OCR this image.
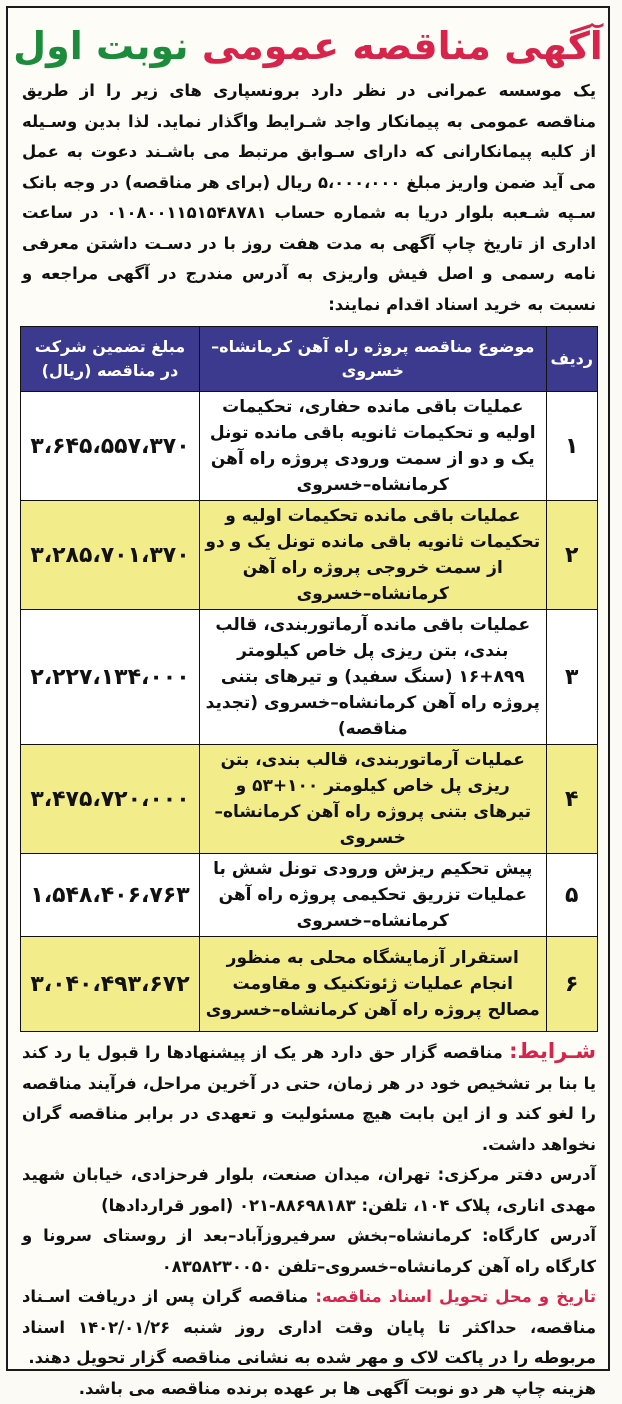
آگهی مناقصه عمومی نوبت اول
یک موسسه عمرانی در نظر دارد برونسپاری های زیر را از طریق مناقصه عمومی به پیمانکار واجد شـرایط واگذار نماید. لذا بدین وسـیله از کلیه پیمانکارانی که دارای سـوابق مرتبط می باشـند دعوت به عمل می آید ضمن واریز مبلغ ۵،۰۰۰،۰۰۰ ریال (برای هر مناقصه) در وجه بانک سـپه شـعبه بلوار دریا به شماره حساب ۰۱۰۸۰۰۱۱۵۱۵۴۸۷۸۱ در ساعت اداری از تاریخ چاپ آگهی به مدت هفت روز با در دسـت داشتن معرفی نامه رسمی و اصل فیش واریزی به آدرس مندرج در آگهی مراجعه و نسبت به خرید اسناد اقدام نمایند:
ردیف	موضوع مناقصه پروژه راه آهن کرمانشاه–خسروی	مبلغ تضمین شرکت در مناقصه (ریال)
۱	عملیات باقی مانده حفاری، تحکیمات اولیه و تحکیمات ثانویه باقی مانده تونل یک و دو از سمت ورودی پروژه راه آهن کرمانشاه–خسروی	۳،۶۴۵،۵۵۷،۳۷۰
۲	عملیات باقی مانده تحکیمات اولیه و تحکیمات ثانویه باقی مانده تونل یک و دو از سمت خروجی پروژه راه آهن کرمانشاه–خسروی	۳،۲۸۵،۷۰۱،۳۷۰
۳	عملیات باقی مانده آرماتوربندی، قالب بندی، بتن ریزی پل خاص کیلومتر ۸۹۹+۱۶ (سنگ سفید) و تیرهای بتنی پروژه راه آهن کرمانشاه–خسروی (تجدید مناقصه)	۲،۲۲۷،۱۳۴،۰۰۰
۴	عملیات آرماتوربندی، قالب بندی، بتن ریزی پل خاص کیلومتر ۱۰۰+۵۳ و تیرهای بتنی پروژه راه آهن کرمانشاه–خسروی	۳،۴۷۵،۷۲۰،۰۰۰
۵	پیش تحکیم ریزش ورودی تونل شش با عملیات تزریق تحکیمی پروژه راه آهن کرمانشاه–خسروی	۱،۵۴۸،۴۰۶،۷۶۳
۶	استقرار آزمایشگاه محلی به منظور انجام عملیات ژئوتکنیک و مقاومت مصالح پروژه راه آهن کرمانشاه–خسروی	۳،۰۴۰،۴۹۳،۶۷۲

شـرایط: مناقصه گزار حق دارد هر یک از پیشنهادها را قبول یا رد کند یا بنا بر تشخیص خود در هر زمان، حتی در آخرین مراحل، فرآیند مناقصه را لغو کند و از این بابت هیچ مسئولیت و تعهدی در برابر مناقصه گران نخواهد داشت.

آدرس دفتر مرکزی: تهران، میدان صنعت، بلوار فرحزادی، خیابان شهید مهدی اناری، پلاک ۱۰۴، تلفن: ۸۸۶۹۸۱۸۳-۰۲۱ (امور قراردادها)

آدرس کارگاه: کرمانشاه–بخش سرفیروزآباد–بعد از روستای سرونا و کارگاه راه آهن کرمانشاه–خسروی–تلفن ۰۸۳۵۸۲۳۰۰۵۰

تاریخ و محل تحویل اسناد مناقصه: مناقصه گران پس از دریافت اسـناد مناقصه، حداکثر تا پایان وقت اداری روز شنبه ۱۴۰۲/۰۱/۲۶ اسناد مربوطه را در پاکت لاک و مهر شده به نشانی مناقصه گزار تحویل دهند.

هزینه چاپ هر دو نوبت آگهی ها بر عهده برنده مناقصه می باشد.
